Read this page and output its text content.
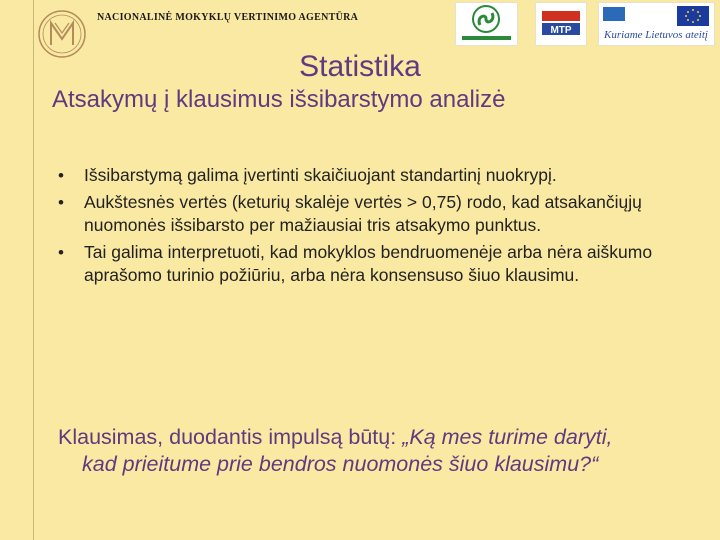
NACIONALINĖ MOKYKLŲ VERTINIMO AGENTŪRA
MTP	Kuriame Lietuvos ateitį
Statistika
Atsakymų į klausimus išsibarstymo analizė
• Išsibarstymą galima įvertinti skaičiuojant standartinį nuokrypį.
• Aukštesnės vertės (keturių skalėje vertės > 0,75) rodo, kad atsakančiųjų nuomonės išsibarsto per mažiausiai tris atsakymo punktus.
• Tai galima interpretuoti, kad mokyklos bendruomenėje arba nėra aiškumo aprašomo turinio požiūriu, arba nėra konsensuso šiuo klausimu.
Klausimas, duodantis impulsą būtų: „Ką mes turime daryti,
kad prieitume prie bendros nuomonės šiuo klausimu?“
